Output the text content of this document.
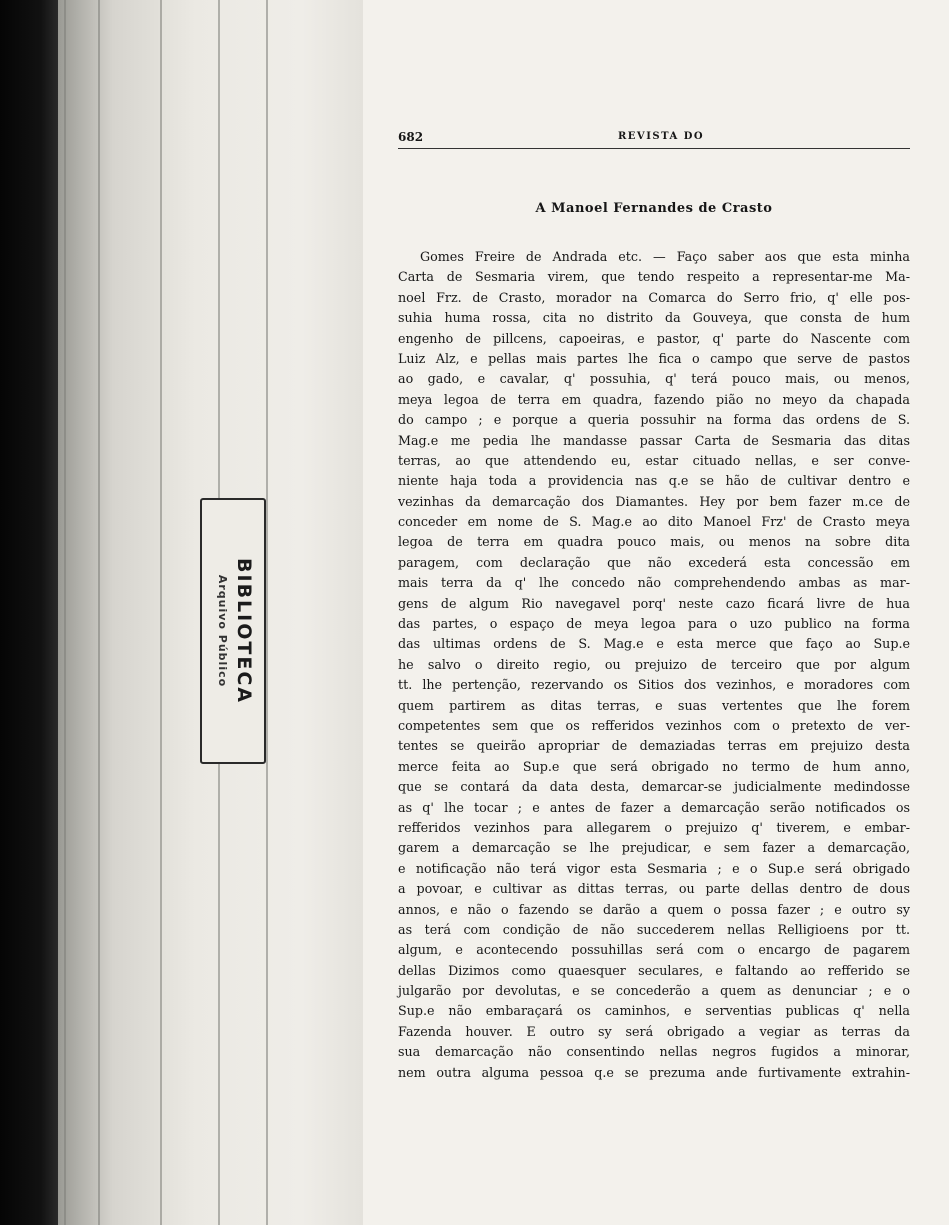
BIBLIOTECA
Arquivo Público
682	REVISTA DO
A Manoel Fernandes de Crasto
Gomes Freire de Andrada etc. — Faço saber aos que esta minha
Carta de Sesmaria virem, que tendo respeito a representar-me Ma-
noel Frz. de Crasto, morador na Comarca do Serro frio, q' elle pos-
suhia huma rossa, cita no distrito da Gouveya, que consta de hum
engenho de pillcens, capoeiras, e pastor, q' parte do Nascente com
Luiz Alz, e pellas mais partes lhe fica o campo que serve de pastos
ao gado, e cavalar, q' possuhia, q' terá pouco mais, ou menos,
meya legoa de terra em quadra, fazendo pião no meyo da chapada
do campo ; e porque a queria possuhir na forma das ordens de S.
Mag.e me pedia lhe mandasse passar Carta de Sesmaria das ditas
terras, ao que attendendo eu, estar cituado nellas, e ser conve-
niente haja toda a providencia nas q.e se hão de cultivar dentro e
vezinhas da demarcação dos Diamantes. Hey por bem fazer m.ce de
conceder em nome de S. Mag.e ao dito Manoel Frz' de Crasto meya
legoa de terra em quadra pouco mais, ou menos na sobre dita
paragem, com declaração que não excederá esta concessão em
mais terra da q' lhe concedo não comprehendendo ambas as mar-
gens de algum Rio navegavel porq' neste cazo ficará livre de hua
das partes, o espaço de meya legoa para o uzo publico na forma
das ultimas ordens de S. Mag.e e esta merce que faço ao Sup.e
he salvo o direito regio, ou prejuizo de terceiro que por algum
tt. lhe pertenção, rezervando os Sitios dos vezinhos, e moradores com
quem partirem as ditas terras, e suas vertentes que lhe forem
competentes sem que os refferidos vezinhos com o pretexto de ver-
tentes se queirão apropriar de demaziadas terras em prejuizo desta
merce feita ao Sup.e que será obrigado no termo de hum anno,
que se contará da data desta, demarcar-se judicialmente medindosse
as q' lhe tocar ; e antes de fazer a demarcação serão notificados os
refferidos vezinhos para allegarem o prejuizo q' tiverem, e embar-
garem a demarcação se lhe prejudicar, e sem fazer a demarcação,
e notificação não terá vigor esta Sesmaria ; e o Sup.e será obrigado
a povoar, e cultivar as dittas terras, ou parte dellas dentro de dous
annos, e não o fazendo se darão a quem o possa fazer ; e outro sy
as terá com condição de não succederem nellas Relligioens por tt.
algum, e acontecendo possuhillas será com o encargo de pagarem
dellas Dizimos como quaesquer seculares, e faltando ao refferido se
julgarão por devolutas, e se concederão a quem as denunciar ; e o
Sup.e não embaraçará os caminhos, e serventias publicas q' nella
Fazenda houver. E outro sy será obrigado a vegiar as terras da
sua demarcação não consentindo nellas negros fugidos a minorar,
nem outra alguma pessoa q.e se prezuma ande furtivamente extrahin-
